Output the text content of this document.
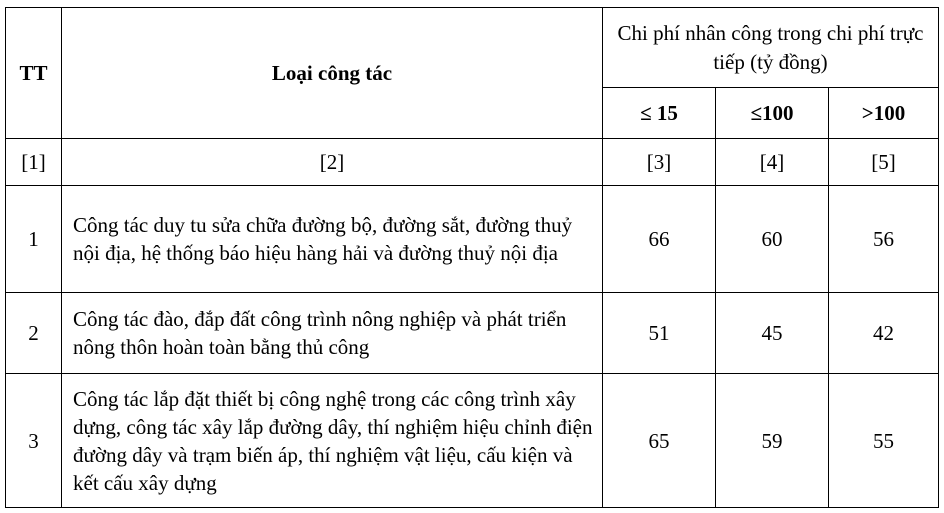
TT	Loại công tác	Chi phí nhân công trong chi phí trực tiếp (tỷ đồng)		
		≤ 15	≤100	>100
[1]	[2]	[3]	[4]	[5]
1	Công tác duy tu sửa chữa đường bộ, đường sắt, đường thuỷ nội địa, hệ thống báo hiệu hàng hải và đường thuỷ nội địa	66	60	56
2	Công tác đào, đắp đất công trình nông nghiệp và phát triển nông thôn hoàn toàn bằng thủ công	51	45	42
3	Công tác lắp đặt thiết bị công nghệ trong các công trình xây dựng, công tác xây lắp đường dây, thí nghiệm hiệu chỉnh điện đường dây và trạm biến áp, thí nghiệm vật liệu, cấu kiện và kết cấu xây dựng	65	59	55
